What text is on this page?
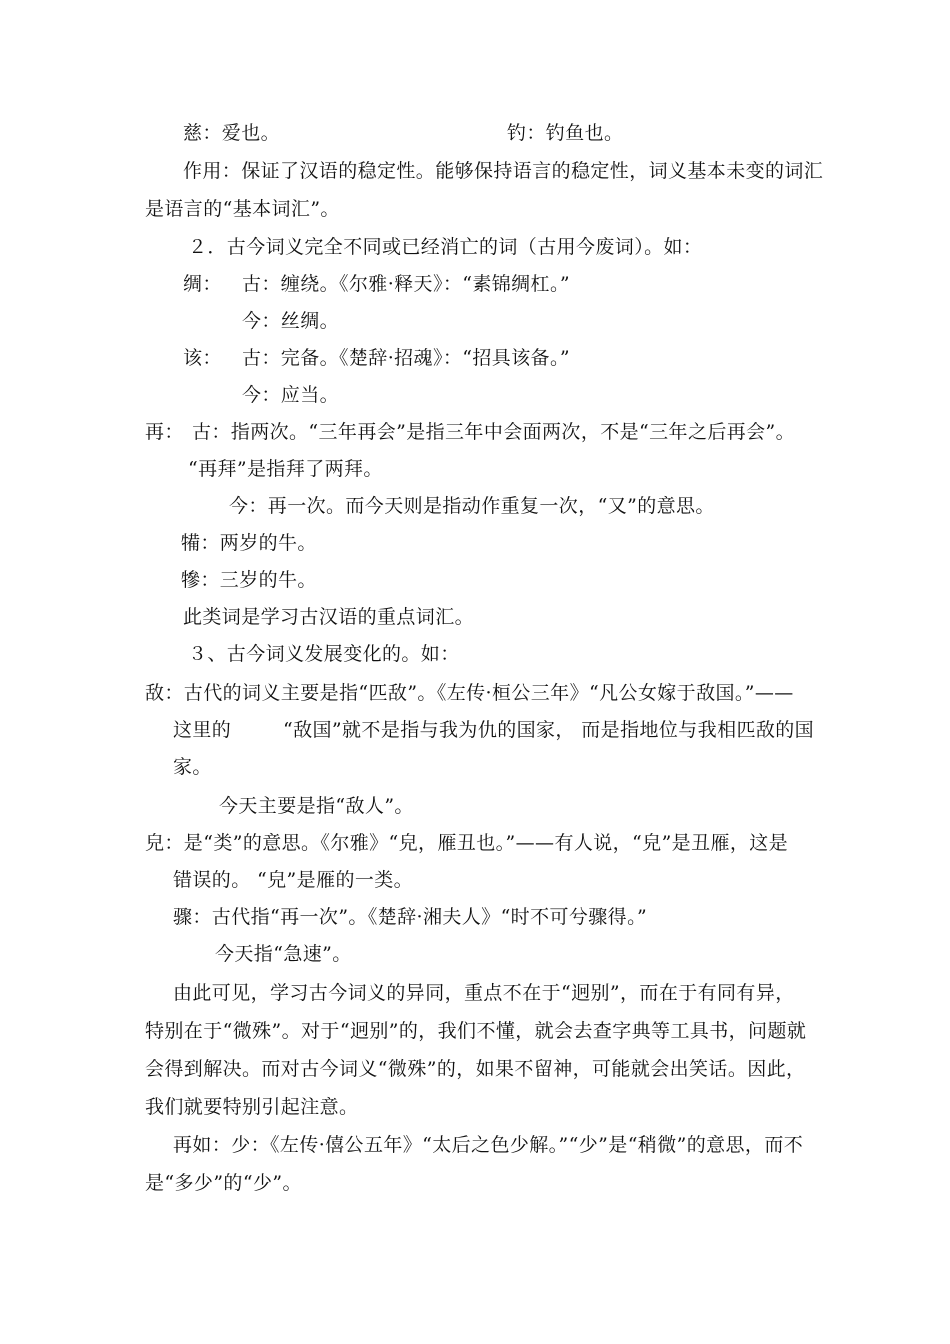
慈：爱也。	钓：钓鱼也。
作用：保证了汉语的稳定性。能够保持语言的稳定性，词义基本未变的词汇
是语言的“基本词汇”。
２．古今词义完全不同或已经消亡的词（古用今废词）。如：
绸： 古：缠绕。《尔雅·释天》：“素锦绸杠。”
今：丝绸。
该： 古：完备。《楚辞·招魂》：“招具该备。”
今：应当。
再： 古：指两次。“三年再会”是指三年中会面两次，不是“三年之后再会”。
“再拜”是指拜了两拜。
今：再一次。而今天则是指动作重复一次，“又”的意思。
犕：两岁的牛。
犙：三岁的牛。
此类词是学习古汉语的重点词汇。
３、古今词义发展变化的。如：
敌：古代的词义主要是指“匹敌”。《左传·桓公三年》“凡公女嫁于敌国。”——
这里的	“敌国”就不是指与我为仇的国家， 而是指地位与我相匹敌的国
家。
今天主要是指“敌人”。
皃：是“类”的意思。《尔雅》“皃，雁丑也。”——有人说，“皃”是丑雁，这是
错误的。 “皃”是雁的一类。
骤：古代指“再一次”。《楚辞·湘夫人》“时不可兮骤得。”
今天指“急速”。
由此可见，学习古今词义的异同，重点不在于“迥别”，而在于有同有异，特别在于“微殊”。对于“迥别”的，我们不懂，就会去查字典等工具书，问题就会得到解决。而对古今词义“微殊”的，如果不留神，可能就会出笑话。因此，我们就要特别引起注意。
再如：少：《左传·僖公五年》“太后之色少解。”“少”是“稍微”的意思，而不是“多少”的“少”。
